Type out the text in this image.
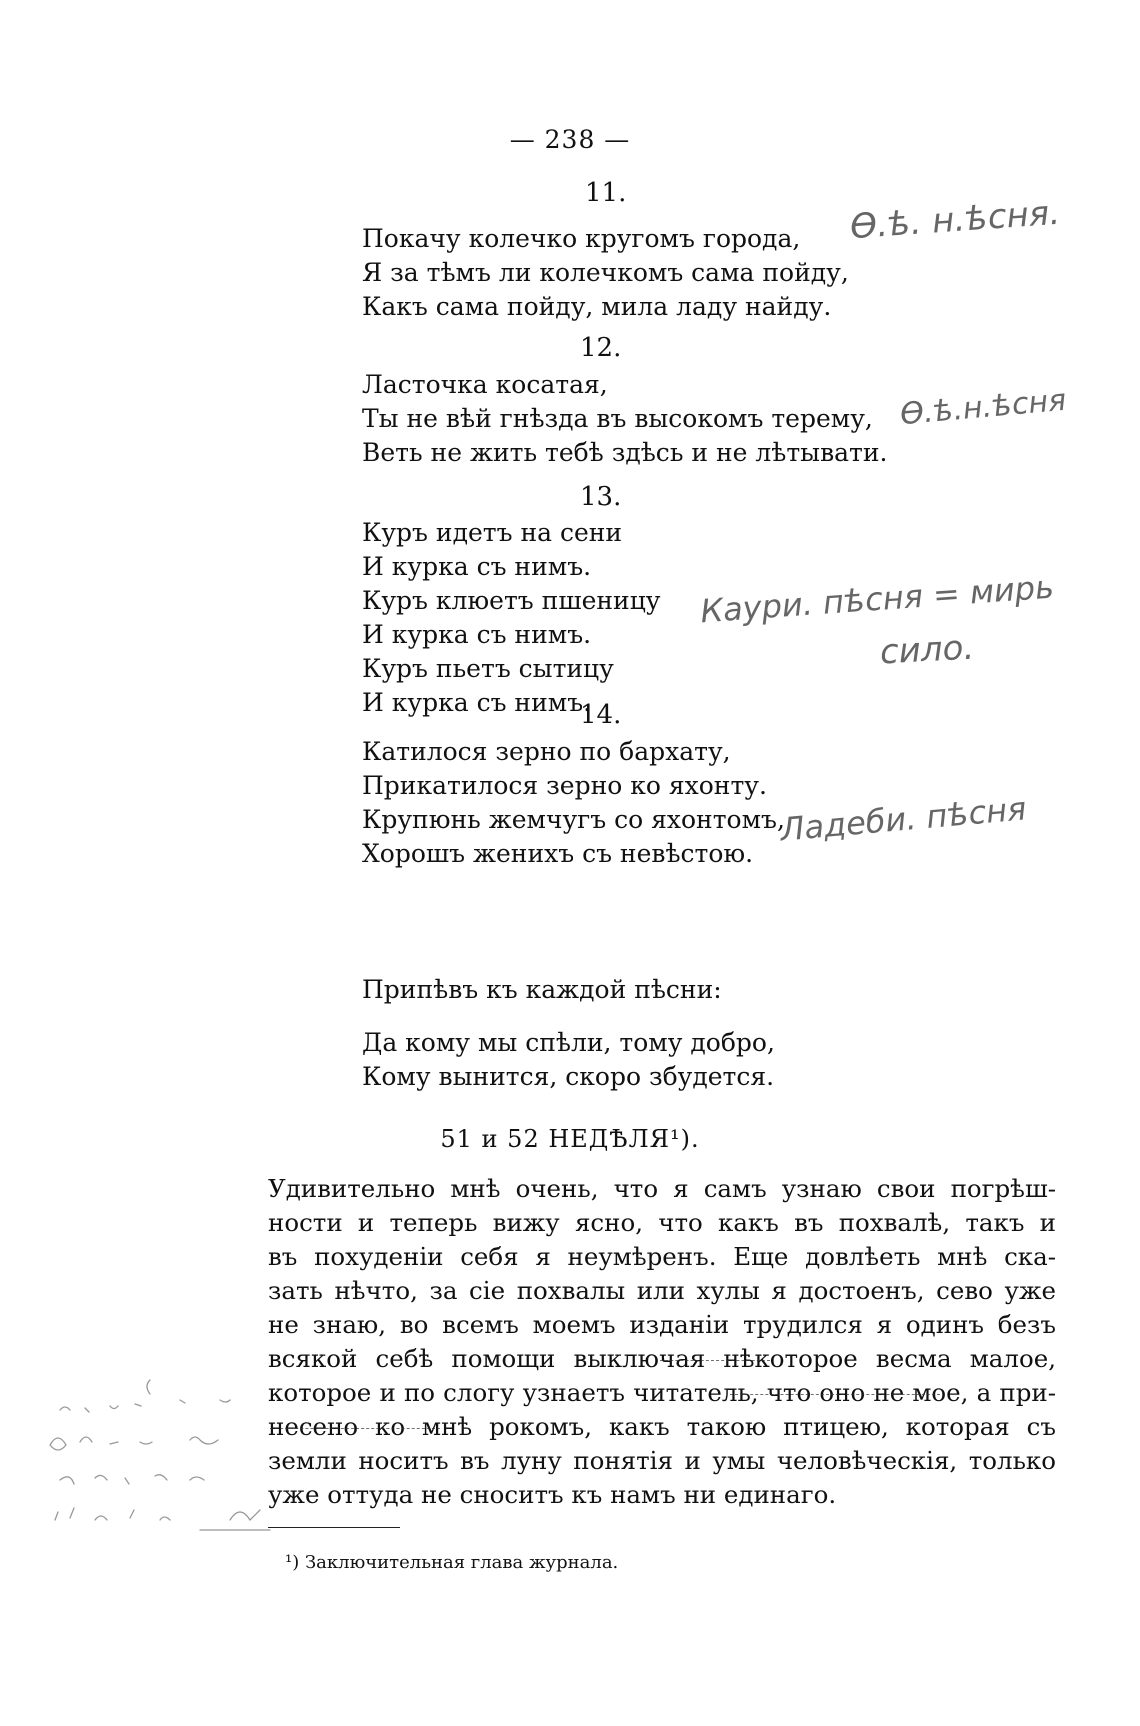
— 238 —
11.
Покачу колечко кругомъ города,
Я за тѣмъ ли колечкомъ сама пойду,
Какъ сама пойду, мила ладу найду.
12.
Ласточка косатая,
Ты не вѣй гнѣзда въ высокомъ терему,
Веть не жить тебѣ здѣсь и не лѣтывати.
13.
Куръ идетъ на сени
И курка съ нимъ.
Куръ клюетъ пшеницу
И курка съ нимъ.
Куръ пьетъ сытицу
И курка съ нимъ.
14.
Катилося зерно по бархату,
Прикатилося зерно ко яхонту.
Крупюнь жемчугъ со яхонтомъ,
Хорошъ женихъ съ невѣстою.
Припѣвъ къ каждой пѣсни:
Да кому мы спѣли, тому добро,
Кому вынится, скоро збудется.
51 и 52 НЕДѢЛЯ¹).
Удивительно мнѣ очень, что я самъ узнаю свои погрѣш-
ности и теперь вижу ясно, что какъ въ похвалѣ, такъ и
въ похуденіи себя я неумѣренъ. Еще довлѣеть мнѣ ска-
зать нѣчто, за сіе похвалы или хулы я достоенъ, сево уже
не знаю, во всемъ моемъ изданіи трудился я одинъ безъ
всякой себѣ помощи выключая нѣкоторое весма малое,
которое и по слогу узнаетъ читатель, что оно не мое, а при-
несено ко мнѣ рокомъ, какъ такою птицею, которая съ
земли носитъ въ луну понятія и умы человѣческія, только
уже оттуда не сноситъ къ намъ ни единаго.
¹) Заключительная глава журнала.
Ѳ.ѣ. н.ѣсня.
Ѳ.ѣ.н.ѣсня
Каури. пѣсня = мирь
сило.
Ладеби. пѣсня
